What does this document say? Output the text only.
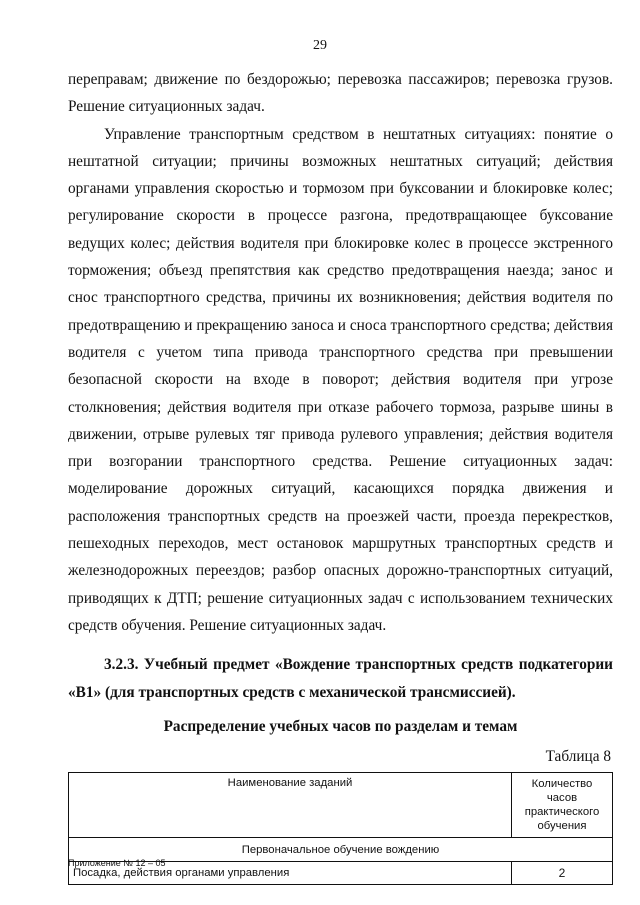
29

переправам; движение по бездорожью; перевозка пассажиров; перевозка грузов. Решение ситуационных задач.

Управление транспортным средством в нештатных ситуациях: понятие о нештатной ситуации; причины возможных нештатных ситуаций; действия органами управления скоростью и тормозом при буксовании и блокировке колес; регулирование скорости в процессе разгона, предотвращающее буксование ведущих колес; действия водителя при блокировке колес в процессе экстренного торможения; объезд препятствия как средство предотвращения наезда; занос и снос транспортного средства, причины их возникновения; действия водителя по предотвращению и прекращению заноса и сноса транспортного средства; действия водителя с учетом типа привода транспортного средства при превышении безопасной скорости на входе в поворот; действия водителя при угрозе столкновения; действия водителя при отказе рабочего тормоза, разрыве шины в движении, отрыве рулевых тяг привода рулевого управления; действия водителя при возгорании транспортного средства. Решение ситуационных задач: моделирование дорожных ситуаций, касающихся порядка движения и расположения транспортных средств на проезжей части, проезда перекрестков, пешеходных переходов, мест остановок маршрутных транспортных средств и железнодорожных переездов; разбор опасных дорожно-транспортных ситуаций, приводящих к ДТП; решение ситуационных задач с использованием технических средств обучения. Решение ситуационных задач.

3.2.3. Учебный предмет «Вождение транспортных средств подкатегории «В1» (для транспортных средств с механической трансмиссией).

Распределение учебных часов по разделам и темам

Таблица 8

Наименование заданий	Количество часов практического обучения
Первоначальное обучение вождению	
Посадка, действия органами управления	2
Приложение № 12 – 05
